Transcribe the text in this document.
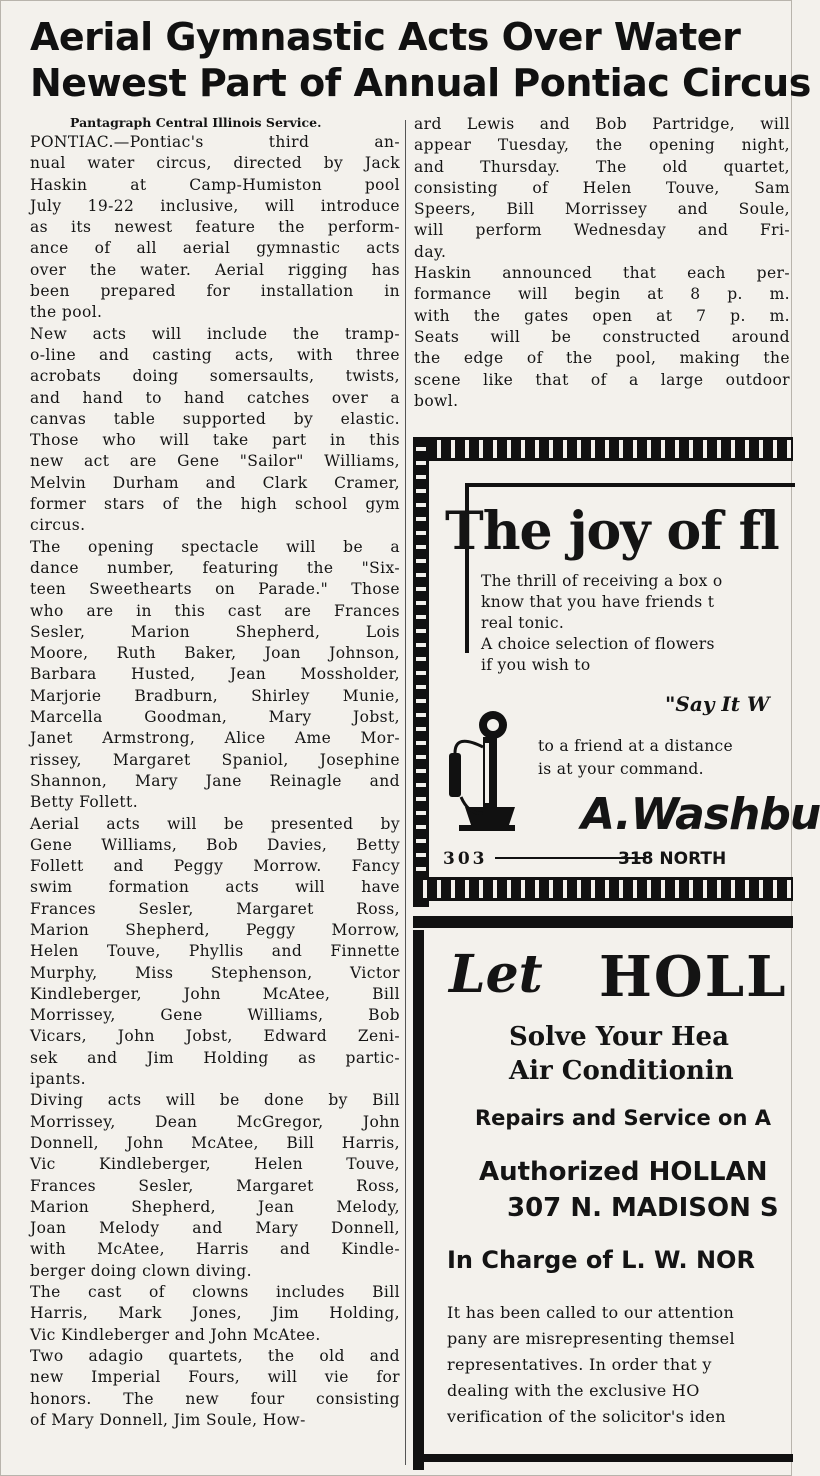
Aerial Gymnastic Acts Over Water
Newest Part of Annual Pontiac Circus
Pantagraph Central Illinois Service.
PONTIAC.—Pontiac's third an-
nual water circus, directed by Jack
Haskin at Camp-Humiston pool
July 19-22 inclusive, will introduce
as its newest feature the perform-
ance of all aerial gymnastic acts
over the water. Aerial rigging has
been prepared for installation in
the pool.
New acts will include the tramp-
o-line and casting acts, with three
acrobats doing somersaults, twists,
and hand to hand catches over a
canvas table supported by elastic.
Those who will take part in this
new act are Gene "Sailor" Williams,
Melvin Durham and Clark Cramer,
former stars of the high school gym
circus.
The opening spectacle will be a
dance number, featuring the "Six-
teen Sweethearts on Parade." Those
who are in this cast are Frances
Sesler, Marion Shepherd, Lois
Moore, Ruth Baker, Joan Johnson,
Barbara Husted, Jean Mossholder,
Marjorie Bradburn, Shirley Munie,
Marcella Goodman, Mary Jobst,
Janet Armstrong, Alice Ame Mor-
rissey, Margaret Spaniol, Josephine
Shannon, Mary Jane Reinagle and
Betty Follett.
Aerial acts will be presented by
Gene Williams, Bob Davies, Betty
Follett and Peggy Morrow. Fancy
swim formation acts will have
Frances Sesler, Margaret Ross,
Marion Shepherd, Peggy Morrow,
Helen Touve, Phyllis and Finnette
Murphy, Miss Stephenson, Victor
Kindleberger, John McAtee, Bill
Morrissey, Gene Williams, Bob
Vicars, John Jobst, Edward Zeni-
sek and Jim Holding as partic-
ipants.
Diving acts will be done by Bill
Morrissey, Dean McGregor, John
Donnell, John McAtee, Bill Harris,
Vic Kindleberger, Helen Touve,
Frances Sesler, Margaret Ross,
Marion Shepherd, Jean Melody,
Joan Melody and Mary Donnell,
with McAtee, Harris and Kindle-
berger doing clown diving.
The cast of clowns includes Bill
Harris, Mark Jones, Jim Holding,
Vic Kindleberger and John McAtee.
Two adagio quartets, the old and
new Imperial Fours, will vie for
honors. The new four consisting
of Mary Donnell, Jim Soule, How-
ard Lewis and Bob Partridge, will
appear Tuesday, the opening night,
and Thursday. The old quartet,
consisting of Helen Touve, Sam
Speers, Bill Morrissey and Soule,
will perform Wednesday and Fri-
day.
Haskin announced that each per-
formance will begin at 8 p. m.
with the gates open at 7 p. m.
Seats will be constructed around
the edge of the pool, making the
scene like that of a large outdoor
bowl.
The joy of fl
The thrill of receiving a box o
know that you have friends t
real tonic.
A choice selection of flowers
if you wish to
"Say It W
to a friend at a distance
is at your command.
A.Washbu
303	318 NORTH
Let HOLL
Solve Your Hea
Air Conditionin
Repairs and Service on A
Authorized HOLLAN
307 N. MADISON S
In Charge of L. W. NOR
It has been called to our attention
pany are misrepresenting themsel
representatives. In order that y
dealing with the exclusive HO
verification of the solicitor's iden
